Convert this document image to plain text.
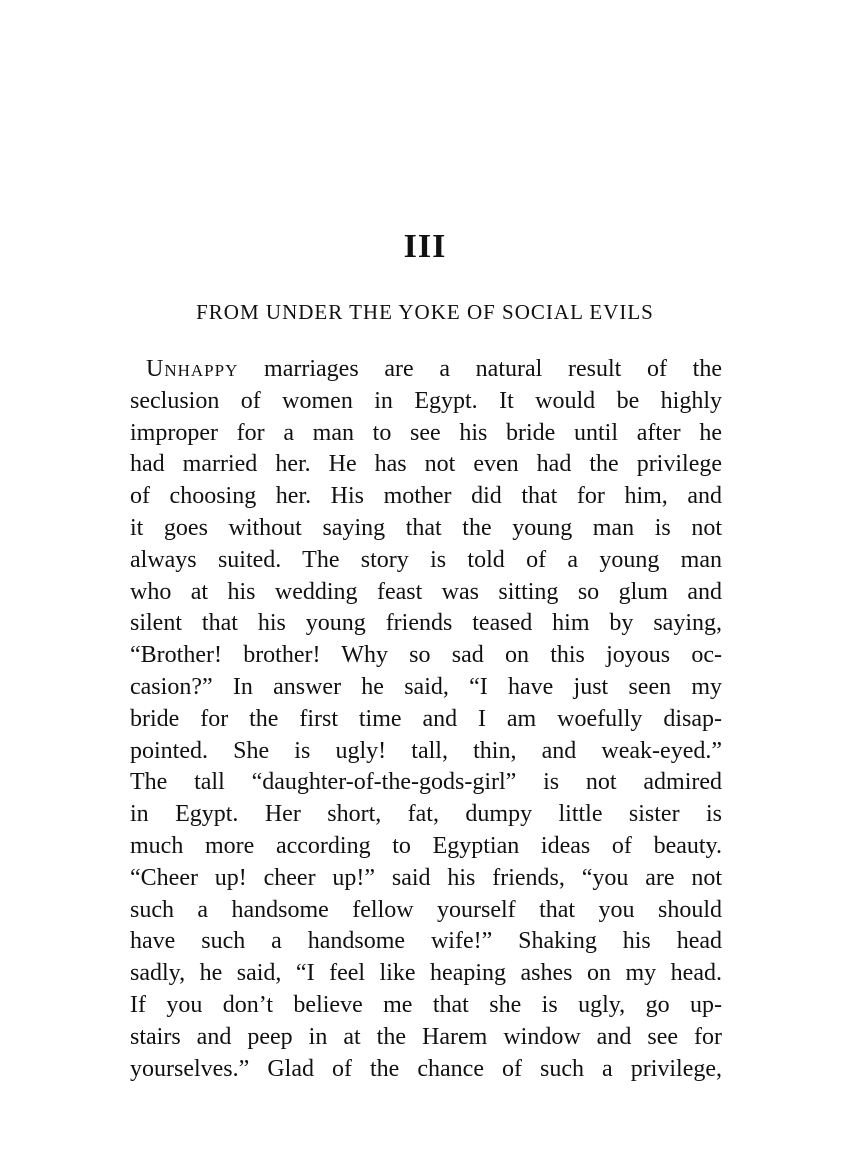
III
FROM UNDER THE YOKE OF SOCIAL EVILS
Unhappy marriages are a natural result of the
seclusion of women in Egypt. It would be highly
improper for a man to see his bride until after he
had married her. He has not even had the privilege
of choosing her. His mother did that for him, and
it goes without saying that the young man is not
always suited. The story is told of a young man
who at his wedding feast was sitting so glum and
silent that his young friends teased him by saying,
“Brother! brother! Why so sad on this joyous oc-
casion?” In answer he said, “I have just seen my
bride for the first time and I am woefully disap-
pointed. She is ugly! tall, thin, and weak-eyed.”
The tall “daughter-of-the-gods-girl” is not admired
in Egypt. Her short, fat, dumpy little sister is
much more according to Egyptian ideas of beauty.
“Cheer up! cheer up!” said his friends, “you are not
such a handsome fellow yourself that you should
have such a handsome wife!” Shaking his head
sadly, he said, “I feel like heaping ashes on my head.
If you don’t believe me that she is ugly, go up-
stairs and peep in at the Harem window and see for
yourselves.” Glad of the chance of such a privilege,
